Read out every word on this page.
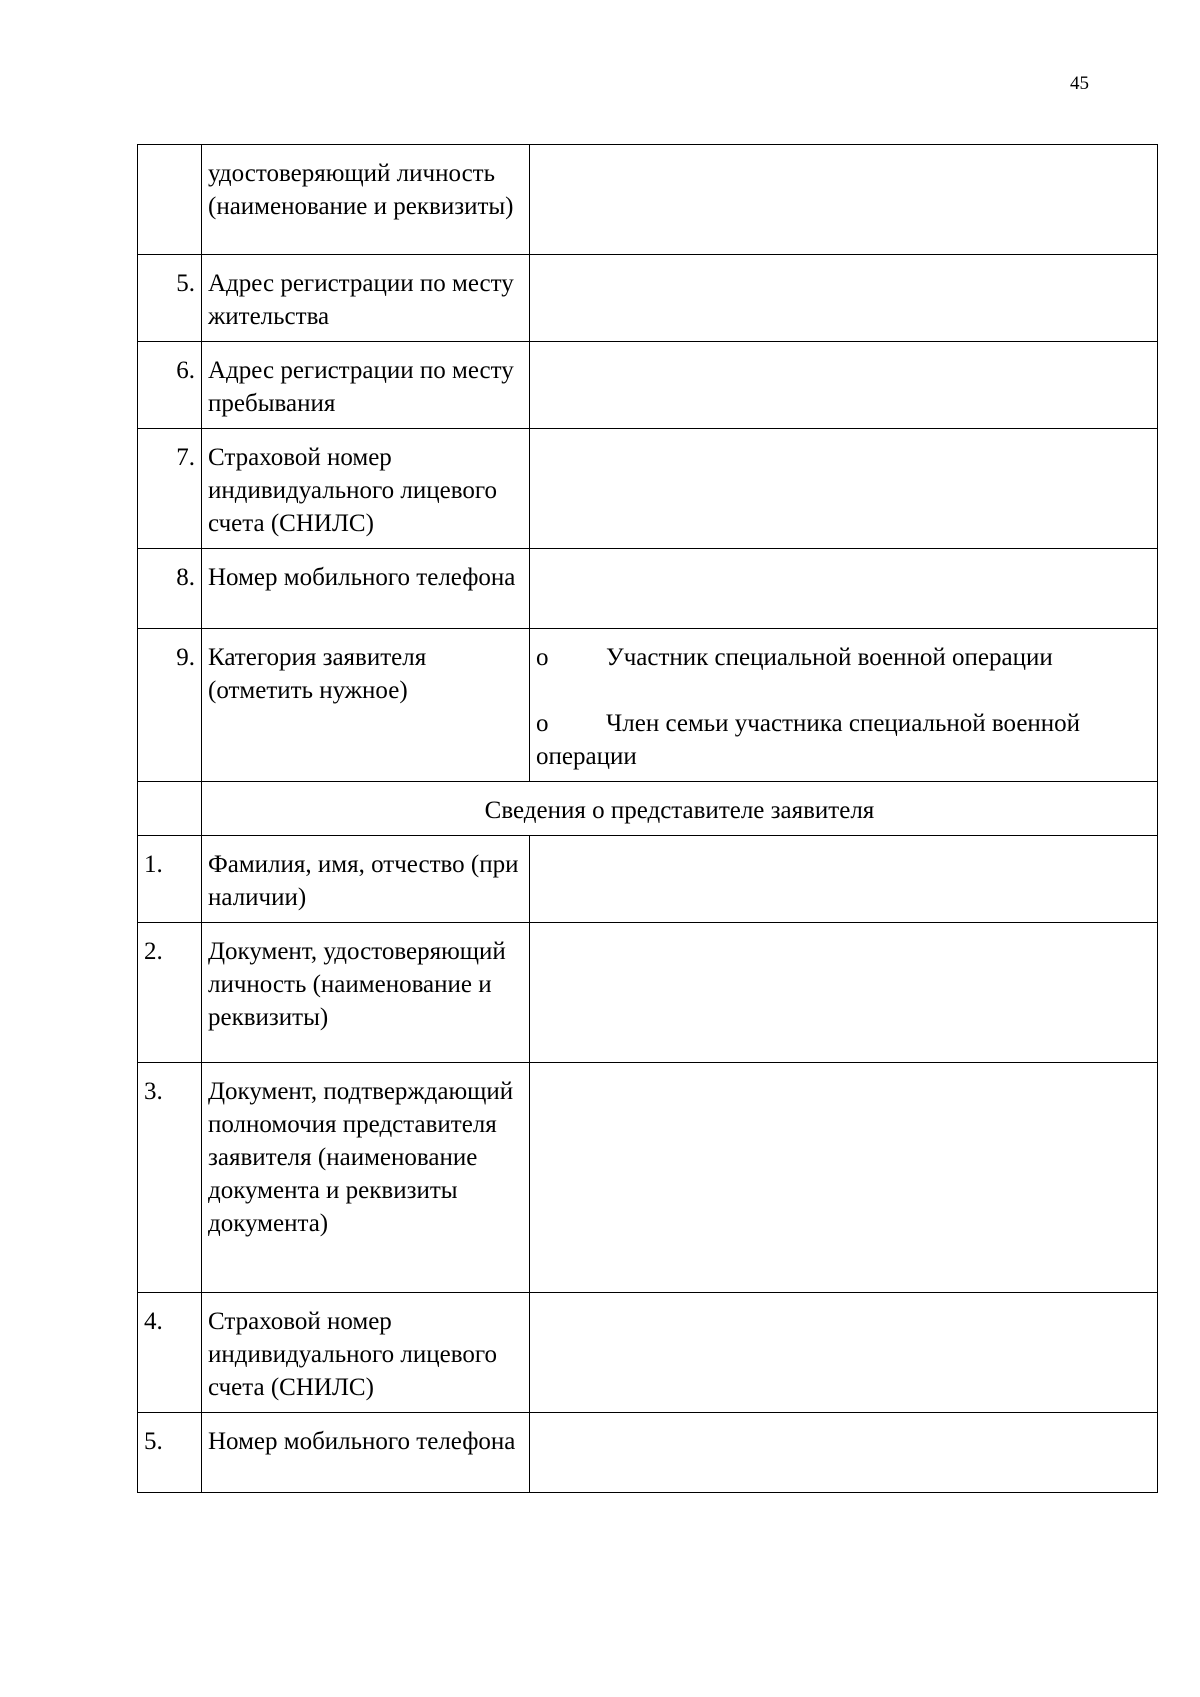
45
	удостоверяющий личность (наименование и реквизиты)	
5.	Адрес регистрации по месту жительства	
6.	Адрес регистрации по месту пребывания	
7.	Страховой номер индивидуального лицевого счета (СНИЛС)	
8.	Номер мобильного телефона	
9.	Категория заявителя (отметить нужное)	o Участник специальной военной операции
o Член семьи участника специальной военной операции

	Сведения о представителе заявителя	
1.	Фамилия, имя, отчество (при наличии)	
2.	Документ, удостоверяющий личность (наименование и реквизиты)	
3.	Документ, подтверждающий полномочия представителя заявителя (наименование документа и реквизиты документа)	
4.	Страховой номер индивидуального лицевого счета (СНИЛС)	
5.	Номер мобильного телефона	
